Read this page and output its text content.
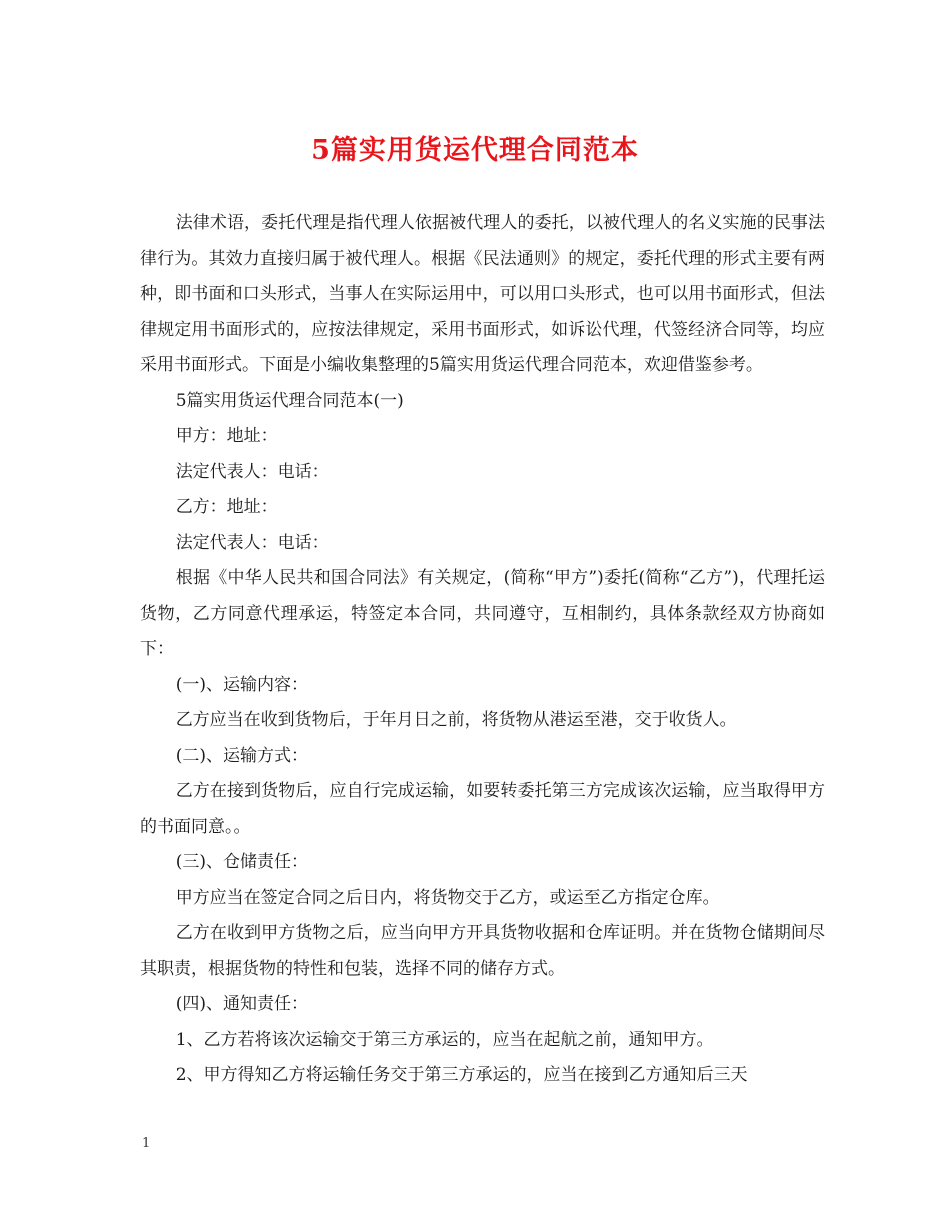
5篇实用货运代理合同范本

法律术语，委托代理是指代理人依据被代理人的委托，以被代理人的名义实施的民事法律行为。其效力直接归属于被代理人。根据《民法通则》的规定，委托代理的形式主要有两种，即书面和口头形式，当事人在实际运用中，可以用口头形式，也可以用书面形式，但法律规定用书面形式的，应按法律规定，采用书面形式，如诉讼代理，代签经济合同等，均应采用书面形式。下面是小编收集整理的5篇实用货运代理合同范本，欢迎借鉴参考。

5篇实用货运代理合同范本(一)

甲方：地址：

法定代表人：电话：

乙方：地址：

法定代表人：电话：

根据《中华人民共和国合同法》有关规定，(简称“甲方”)委托(简称“乙方”)，代理托运货物，乙方同意代理承运，特签定本合同，共同遵守，互相制约，具体条款经双方协商如下：

(一)、运输内容：

乙方应当在收到货物后，于年月日之前，将货物从港运至港，交于收货人。

(二)、运输方式：

乙方在接到货物后，应自行完成运输，如要转委托第三方完成该次运输，应当取得甲方的书面同意。。

(三)、仓储责任：

甲方应当在签定合同之后日内，将货物交于乙方，或运至乙方指定仓库。

乙方在收到甲方货物之后，应当向甲方开具货物收据和仓库证明。并在货物仓储期间尽其职责，根据货物的特性和包装，选择不同的储存方式。

(四)、通知责任：

1、乙方若将该次运输交于第三方承运的，应当在起航之前，通知甲方。

2、甲方得知乙方将运输任务交于第三方承运的，应当在接到乙方通知后三天

1
